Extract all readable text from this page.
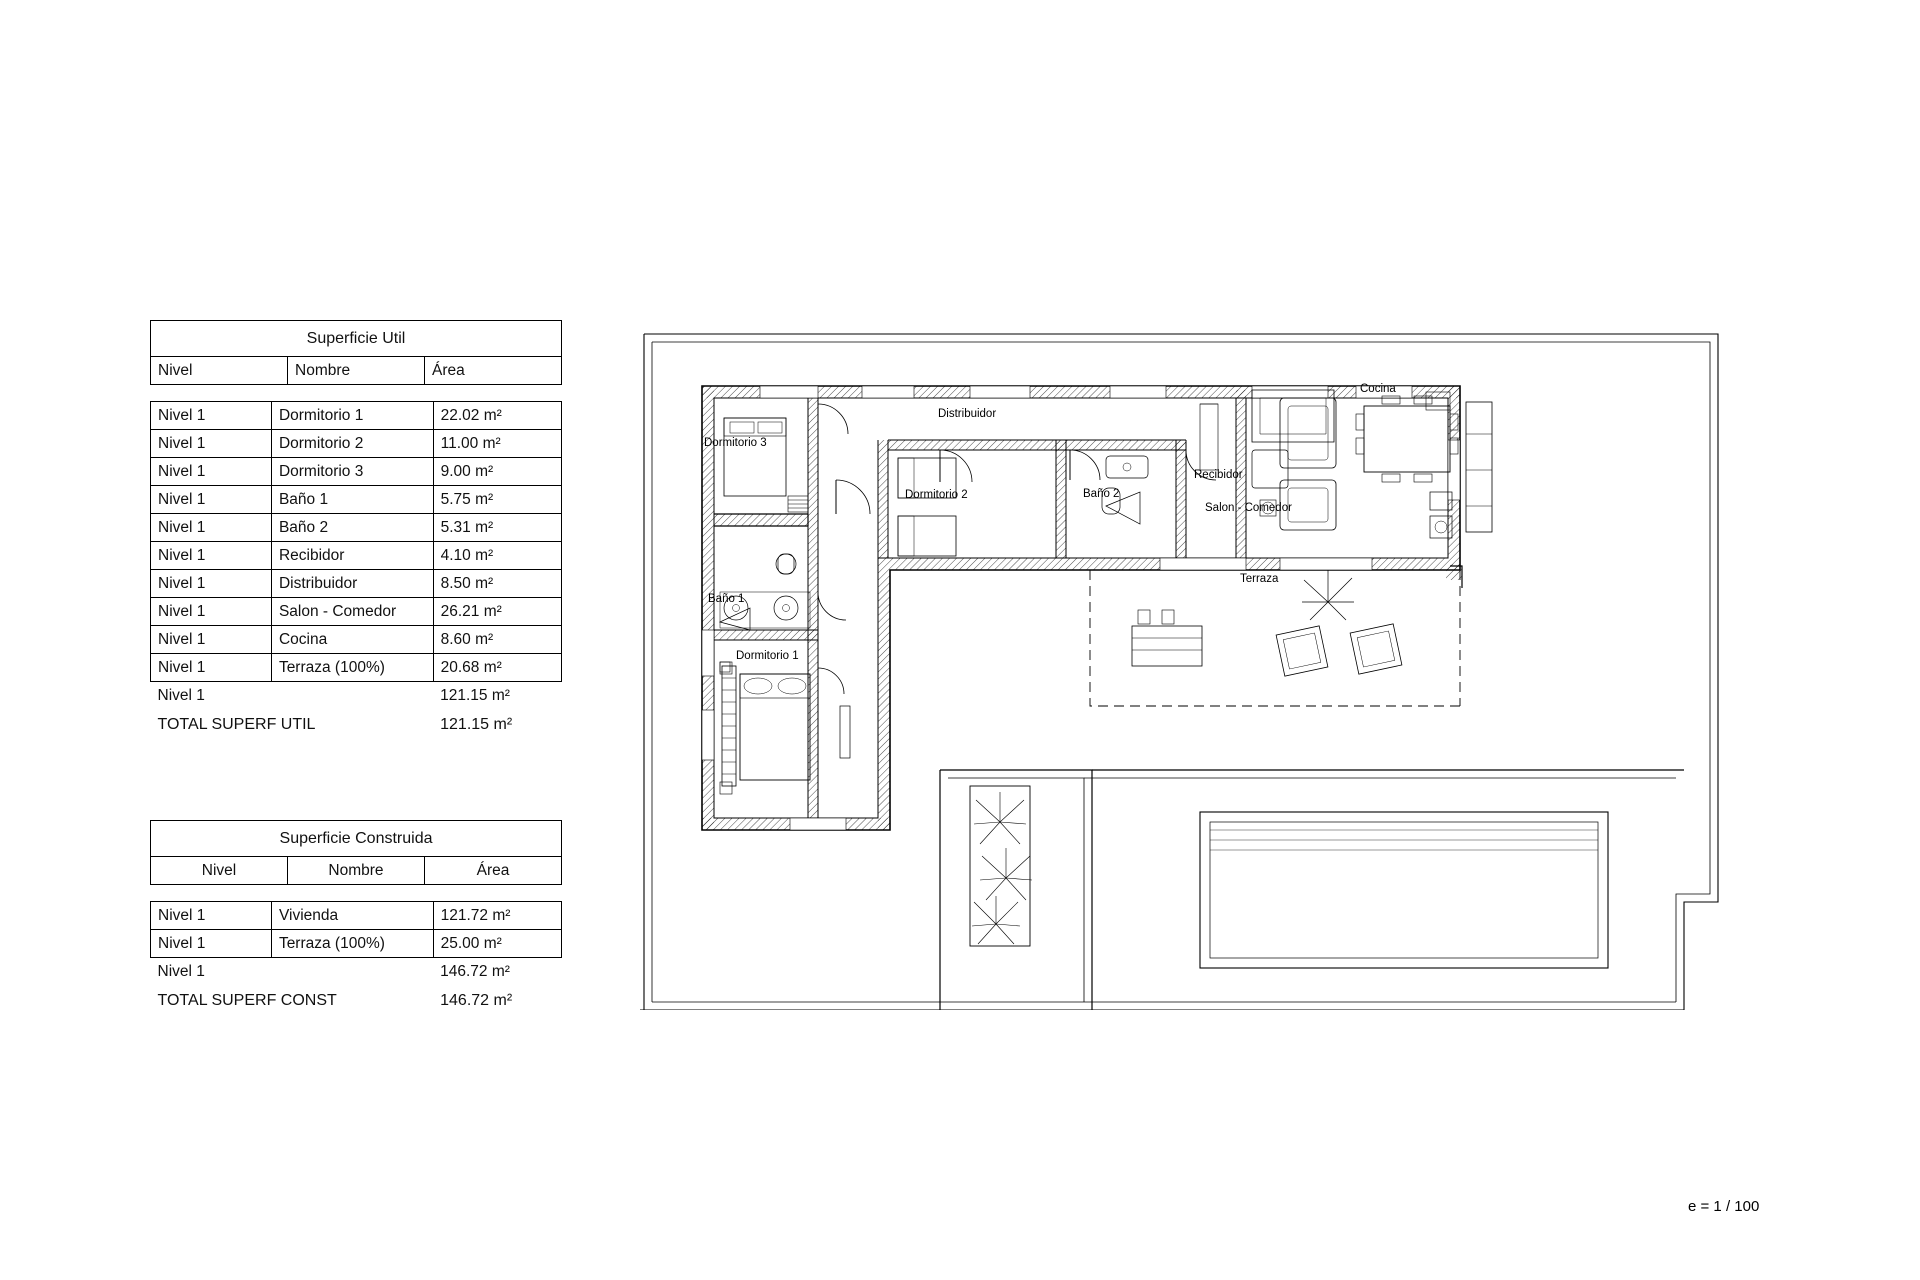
Superficie Util
Nivel	Nombre	Área
Nivel 1	Dormitorio 1	22.02 m²
Nivel 1	Dormitorio 2	11.00 m²
Nivel 1	Dormitorio 3	9.00 m²
Nivel 1	Baño 1	5.75 m²
Nivel 1	Baño 2	5.31 m²
Nivel 1	Recibidor	4.10 m²
Nivel 1	Distribuidor	8.50 m²
Nivel 1	Salon - Comedor	26.21 m²
Nivel 1	Cocina	8.60 m²
Nivel 1	Terraza (100%)	20.68 m²
Nivel 1		121.15 m²
TOTAL SUPERF UTIL		121.15 m²
Superficie Construida
Nivel	Nombre	Área
Nivel 1	Vivienda	121.72 m²
Nivel 1	Terraza (100%)	25.00 m²
Nivel 1		146.72 m²
TOTAL SUPERF CONST		146.72 m²
Dormitorio 3
Distribuidor
Dormitorio 2	Baño 2
Recibidor
Cocina
Salon - Comedor
Baño 1
Dormitorio 1
Terraza
e = 1 / 100
